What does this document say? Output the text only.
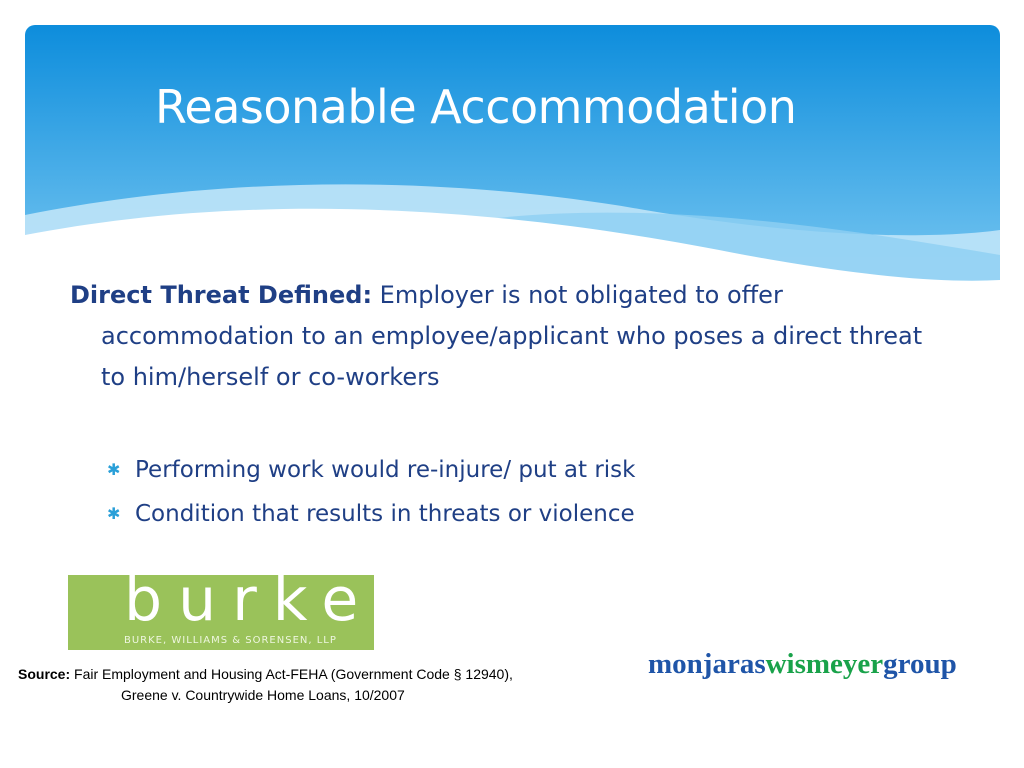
Reasonable Accommodation

Direct Threat Defined: Employer is not obligated to offer accommodation to an employee/applicant who poses a direct threat to him/herself or co-workers

✱ Performing work would re-injure/ put at risk
✱ Condition that results in threats or violence
burke
BURKE, WILLIAMS & SORENSEN, LLP
Source: Fair Employment and Housing Act-FEHA (Government Code § 12940),
Greene v. Countrywide Home Loans, 10/2007
monjaraswismeyergroup
